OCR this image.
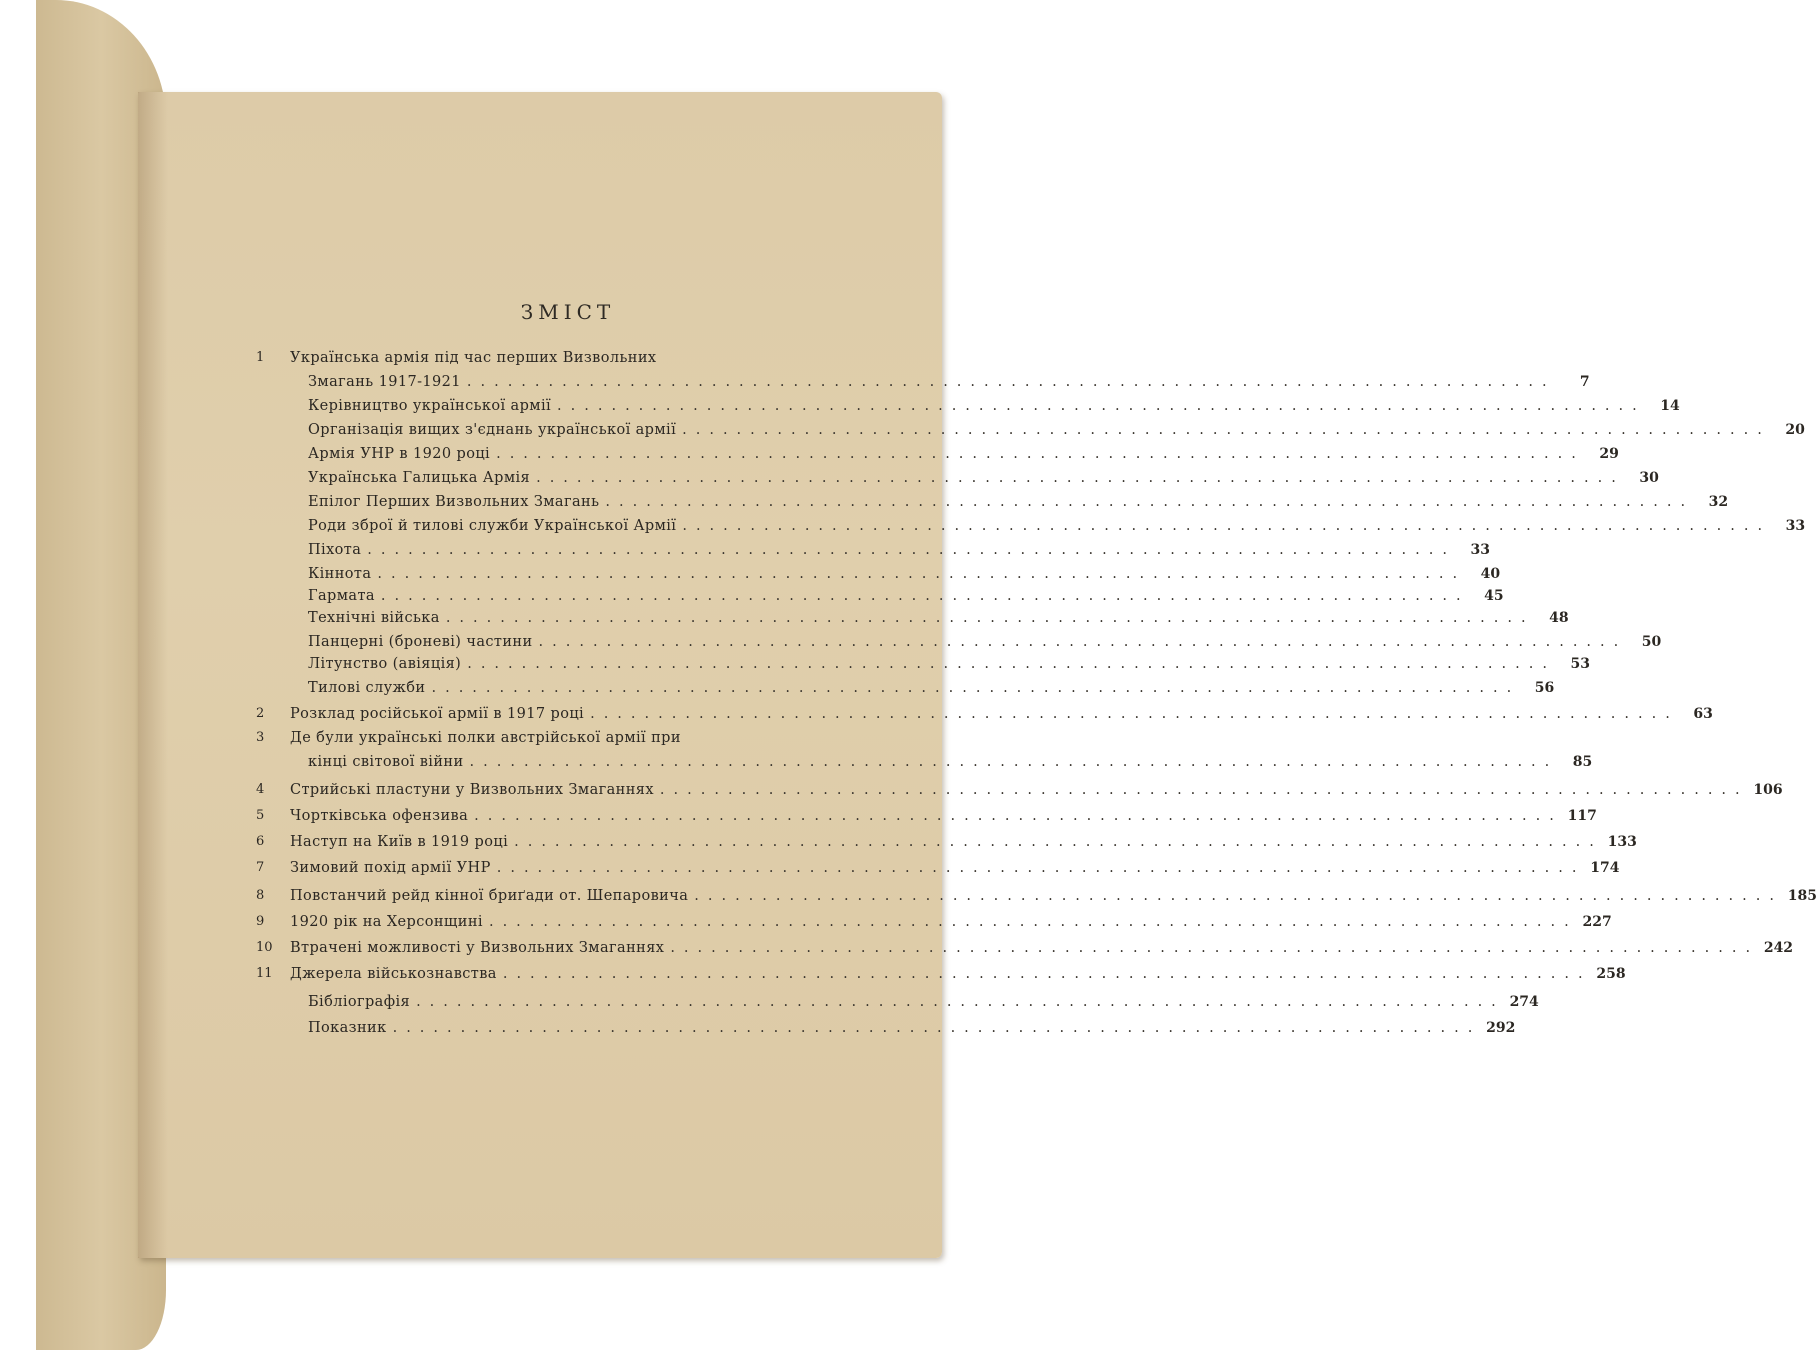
ЗМІСТ
1	Українська армія під час перших Визвольних
Змагань 1917-1921 ................................................................................	7
Керівництво української армії ................................................................................	14
Організація вищих з'єднань української армії ................................................................................	20
Армія УНР в 1920 році ................................................................................	29
Українська Галицька Армія ................................................................................	30
Епілог Перших Визвольних Змагань ................................................................................	32
Роди зброї й тилові служби Української Армії ................................................................................	33
Піхота ................................................................................	33
Кіннота ................................................................................	40
Гармата ................................................................................	45
Технічні війська ................................................................................	48
Панцерні (броневі) частини ................................................................................	50
Літунство (авіяція) ................................................................................	53
Тилові служби ................................................................................	56
2	Розклад російської армії в 1917 році ................................................................................	63
3	Де були українські полки австрійської армії при
кінці світової війни ................................................................................	85
4	Стрийські пластуни у Визвольних Змаганнях ................................................................................ 106
5	Чортківська офензива ................................................................................ 117
6	Наступ на Київ в 1919 році ................................................................................ 133
7	Зимовий похід армії УНР ................................................................................ 174
8	Повстанчий рейд кінної бриґади от. Шепаровича ................................................................................ 185
9	1920 рік на Херсонщині ................................................................................ 227
10	Втрачені можливості у Визвольних Змаганнях ................................................................................ 242
11	Джерела військознавства ................................................................................ 258
Бібліографія ................................................................................ 274
Показник ................................................................................ 292
